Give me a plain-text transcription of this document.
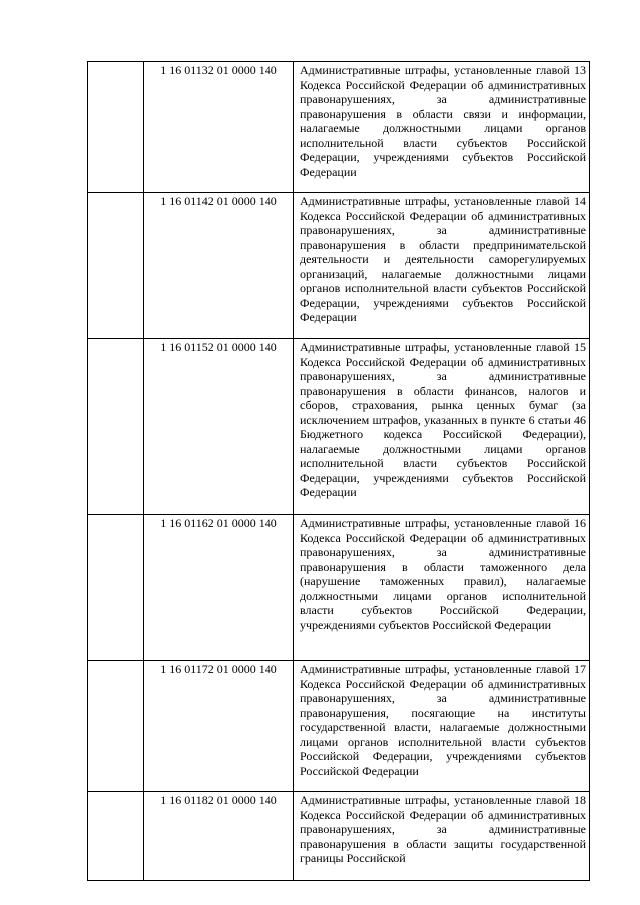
	1 16 01132 01 0000 140	Административные штрафы, установленные главой 13 Кодекса Российской Федерации об административных правонарушениях, за административные правонарушения в области связи и информации, налагаемые должностными лицами органов исполнительной власти субъектов Российской Федерации, учреждениями субъектов Российской Федерации
	1 16 01142 01 0000 140	Административные штрафы, установленные главой 14 Кодекса Российской Федерации об административных правонарушениях, за административные правонарушения в области предпринимательской деятельности и деятельности саморегулируемых организаций, налагаемые должностными лицами органов исполнительной власти субъектов Российской Федерации, учреждениями субъектов Российской Федерации
	1 16 01152 01 0000 140	Административные штрафы, установленные главой 15 Кодекса Российской Федерации об административных правонарушениях, за административные правонарушения в области финансов, налогов и сборов, страхования, рынка ценных бумаг (за исключением штрафов, указанных в пункте 6 статьи 46 Бюджетного кодекса Российской Федерации), налагаемые должностными лицами органов исполнительной власти субъектов Российской Федерации, учреждениями субъектов Российской Федерации
	1 16 01162 01 0000 140	Административные штрафы, установленные главой 16 Кодекса Российской Федерации об административных правонарушениях, за административные правонарушения в области таможенного дела (нарушение таможенных правил), налагаемые должностными лицами органов исполнительной власти субъектов Российской Федерации, учреждениями субъектов Российской Федерации
	1 16 01172 01 0000 140	Административные штрафы, установленные главой 17 Кодекса Российской Федерации об административных правонарушениях, за административные правонарушения, посягающие на институты государственной власти, налагаемые должностными лицами органов исполнительной власти субъектов Российской Федерации, учреждениями субъектов Российской Федерации
	1 16 01182 01 0000 140	Административные штрафы, установленные главой 18 Кодекса Российской Федерации об административных правонарушениях, за административные правонарушения в области защиты государственной границы Российской
